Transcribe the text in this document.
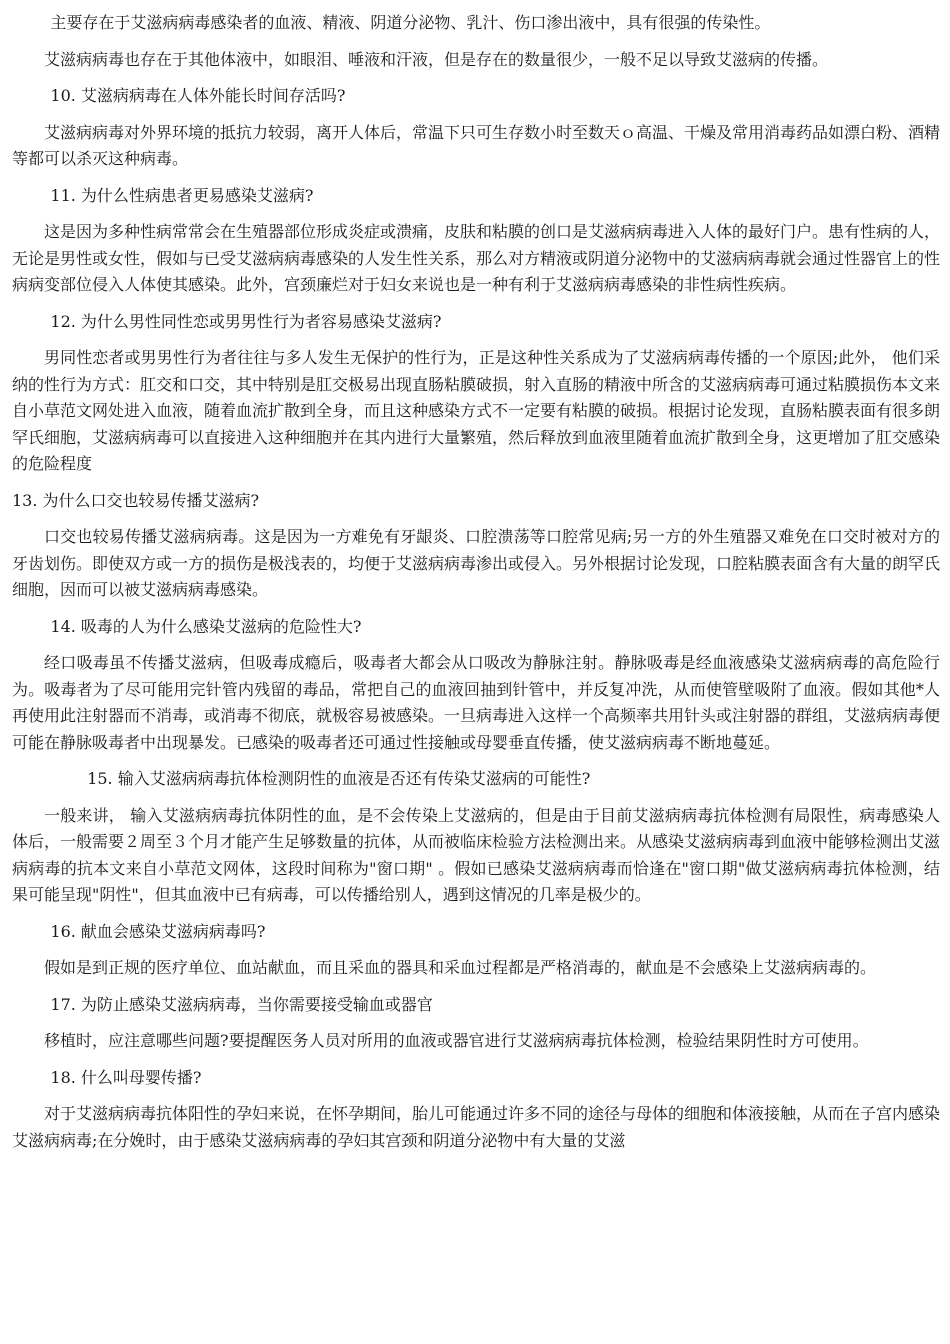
主要存在于艾滋病病毒感染者的血液、精液、阴道分泌物、乳汁、伤口渗出液中，具有很强的传染性。

艾滋病病毒也存在于其他体液中，如眼泪、唾液和汗液，但是存在的数量很少，一般不足以导致艾滋病的传播。

10. 艾滋病病毒在人体外能长时间存活吗?

艾滋病病毒对外界环境的抵抗力较弱，离开人体后，常温下只可生存数小时至数天ｏ高温、干燥及常用消毒药品如漂白粉、酒精等都可以杀灭这种病毒。

11. 为什么性病患者更易感染艾滋病?

这是因为多种性病常常会在生殖器部位形成炎症或溃痛，皮肤和粘膜的创口是艾滋病病毒进入人体的最好门户。患有性病的人，无论是男性或女性，假如与已受艾滋病病毒感染的人发生性关系，那么对方精液或阴道分泌物中的艾滋病病毒就会通过性器官上的性病病变部位侵入人体使其感染。此外，宫颈廉烂对于妇女来说也是一种有利于艾滋病病毒感染的非性病性疾病。

12. 为什么男性同性恋或男男性行为者容易感染艾滋病?

男同性恋者或男男性行为者往往与多人发生无保护的性行为，正是这种性关系成为了艾滋病病毒传播的一个原因;此外， 他们采纳的性行为方式：肛交和口交，其中特别是肛交极易出现直肠粘膜破损，射入直肠的精液中所含的艾滋病病毒可通过粘膜损伤本文来自小草范文网处进入血液，随着血流扩散到全身，而且这种感染方式不一定要有粘膜的破损。根据讨论发现，直肠粘膜表面有很多朗罕氏细胞，艾滋病病毒可以直接进入这种细胞并在其内进行大量繁殖，然后释放到血液里随着血流扩散到全身，这更增加了肛交感染的危险程度

13. 为什么口交也较易传播艾滋病?

口交也较易传播艾滋病病毒。这是因为一方难免有牙龈炎、口腔溃荡等口腔常见病;另一方的外生殖器又难免在口交时被对方的牙齿划伤。即使双方或一方的损伤是极浅表的，均便于艾滋病病毒渗出或侵入。另外根据讨论发现，口腔粘膜表面含有大量的朗罕氏细胞，因而可以被艾滋病病毒感染。

14. 吸毒的人为什么感染艾滋病的危险性大?

经口吸毒虽不传播艾滋病，但吸毒成瘾后，吸毒者大都会从口吸改为静脉注射。静脉吸毒是经血液感染艾滋病病毒的高危险行为。吸毒者为了尽可能用完针管内残留的毒品，常把自己的血液回抽到针管中，并反复冲洗，从而使管壁吸附了血液。假如其他*人再使用此注射器而不消毒，或消毒不彻底，就极容易被感染。一旦病毒进入这样一个高频率共用针头或注射器的群组，艾滋病病毒便可能在静脉吸毒者中出现暴发。已感染的吸毒者还可通过性接触或母婴垂直传播，使艾滋病病毒不断地蔓延。

15. 输入艾滋病病毒抗体检测阴性的血液是否还有传染艾滋病的可能性?

一般来讲， 输入艾滋病病毒抗体阴性的血，是不会传染上艾滋病的，但是由于目前艾滋病病毒抗体检测有局限性，病毒感染人体后，一般需要２周至３个月才能产生足够数量的抗体，从而被临床检验方法检测出来。从感染艾滋病病毒到血液中能够检测出艾滋病病毒的抗本文来自小草范文网体，这段时间称为"窗口期" 。假如已感染艾滋病病毒而恰逢在"窗口期"做艾滋病病毒抗体检测，结果可能呈现"阴性"，但其血液中已有病毒，可以传播给别人，遇到这情况的几率是极少的。

16. 献血会感染艾滋病病毒吗?

假如是到正规的医疗单位、血站献血，而且采血的器具和采血过程都是严格消毒的，献血是不会感染上艾滋病病毒的。

17. 为防止感染艾滋病病毒，当你需要接受输血或器官

移植时，应注意哪些问题?要提醒医务人员对所用的血液或器官进行艾滋病病毒抗体检测，检验结果阴性时方可使用。

18. 什么叫母婴传播?

对于艾滋病病毒抗体阳性的孕妇来说，在怀孕期间，胎儿可能通过许多不同的途径与母体的细胞和体液接触，从而在子宫内感染艾滋病病毒;在分娩时，由于感染艾滋病病毒的孕妇其宫颈和阴道分泌物中有大量的艾滋
